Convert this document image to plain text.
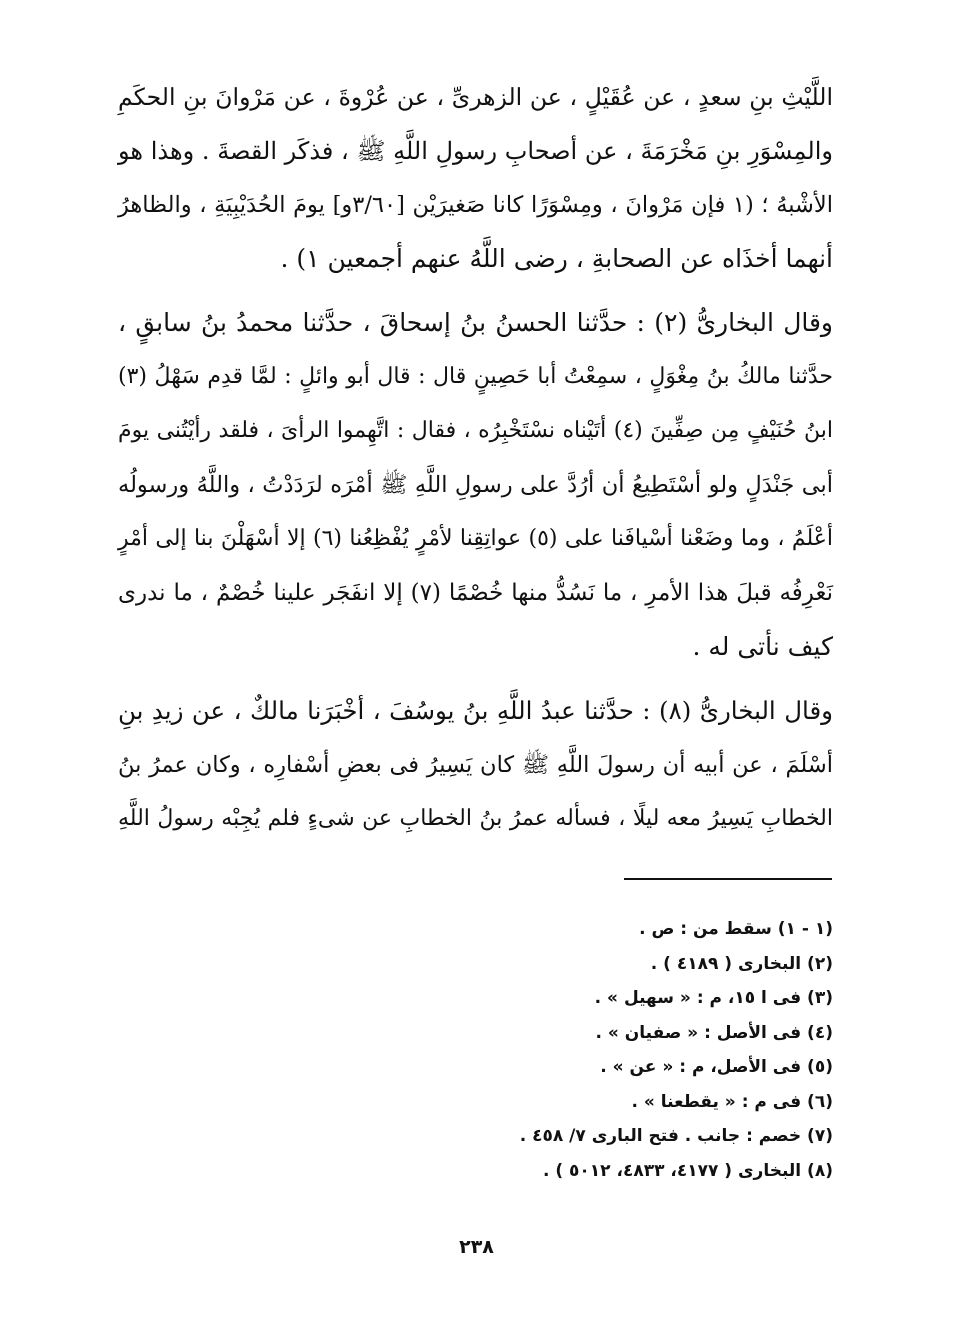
اللَّيْثِ بنِ سعدٍ ، عن عُقَيْلٍ ، عن الزهرىِّ ، عن عُرْوةَ ، عن مَرْوانَ بنِ الحكَمِ
والمِسْوَرِ بنِ مَخْرَمَةَ ، عن أصحابِ رسولِ اللَّهِ ﷺ ، فذكَر القصةَ . وهذا هو
الأشْبهُ ؛ (١ فإن مَرْوانَ ، ومِسْوَرًا كانا صَغيرَيْن [٣/٦٠و] يومَ الحُدَيْبِيَةِ ، والظاهرُ
أنهما أخذَاه عن الصحابةِ ، رضى اللَّهُ عنهم أجمعين ١) .
وقال البخارىُّ (٢) : حدَّثنا الحسنُ بنُ إسحاقَ ، حدَّثنا محمدُ بنُ سابقٍ ،
حدَّثنا مالكُ بنُ مِغْوَلٍ ، سمِعْتُ أبا حَصِينٍ قال : قال أبو وائلٍ : لمَّا قدِم سَهْلُ (٣)
ابنُ حُنَيْفٍ مِن صِفِّينَ (٤) أتَيْناه نسْتَخْبِرُه ، فقال : اتَّهِموا الرأىَ ، فلقد رأيْتُنى يومَ
أبى جَنْدَلٍ ولو أسْتَطِيعُ أن أرُدَّ على رسولِ اللَّهِ ﷺ أمْرَه لرَدَدْتُ ، واللَّهُ ورسولُه
أعْلَمُ ، وما وضَعْنا أسْيافَنا على (٥) عواتِقِنا لأمْرٍ يُفْظِعُنا (٦) إلا أسْهَلْنَ بنا إلى أمْرٍ
نَعْرِفُه قبلَ هذا الأمرِ ، ما نَسُدُّ منها خُصْمًا (٧) إلا انفَجَر علينا خُصْمٌ ، ما ندرى
كيف نأتى له .
وقال البخارىُّ (٨) : حدَّثنا عبدُ اللَّهِ بنُ يوسُفَ ، أخْبَرَنا مالكٌ ، عن زيدِ بنِ
أسْلَمَ ، عن أبيه أن رسولَ اللَّهِ ﷺ كان يَسِيرُ فى بعضِ أسْفارِه ، وكان عمرُ بنُ
الخطابِ يَسِيرُ معه ليلًا ، فسأله عمرُ بنُ الخطابِ عن شىءٍ فلم يُجِبْه رسولُ اللَّهِ
(١ - ١) سقط من : ص .
(٢) البخارى ( ٤١٨٩ ) .
(٣) فى ا ١٥، م : « سهيل » .
(٤) فى الأصل : « صفيان » .
(٥) فى الأصل، م : « عن » .
(٦) فى م : « يقطعنا » .
(٧) خصم : جانب . فتح البارى ٧/ ٤٥٨ .
(٨) البخارى ( ٤١٧٧، ٤٨٣٣، ٥٠١٢ ) .
٢٣٨
